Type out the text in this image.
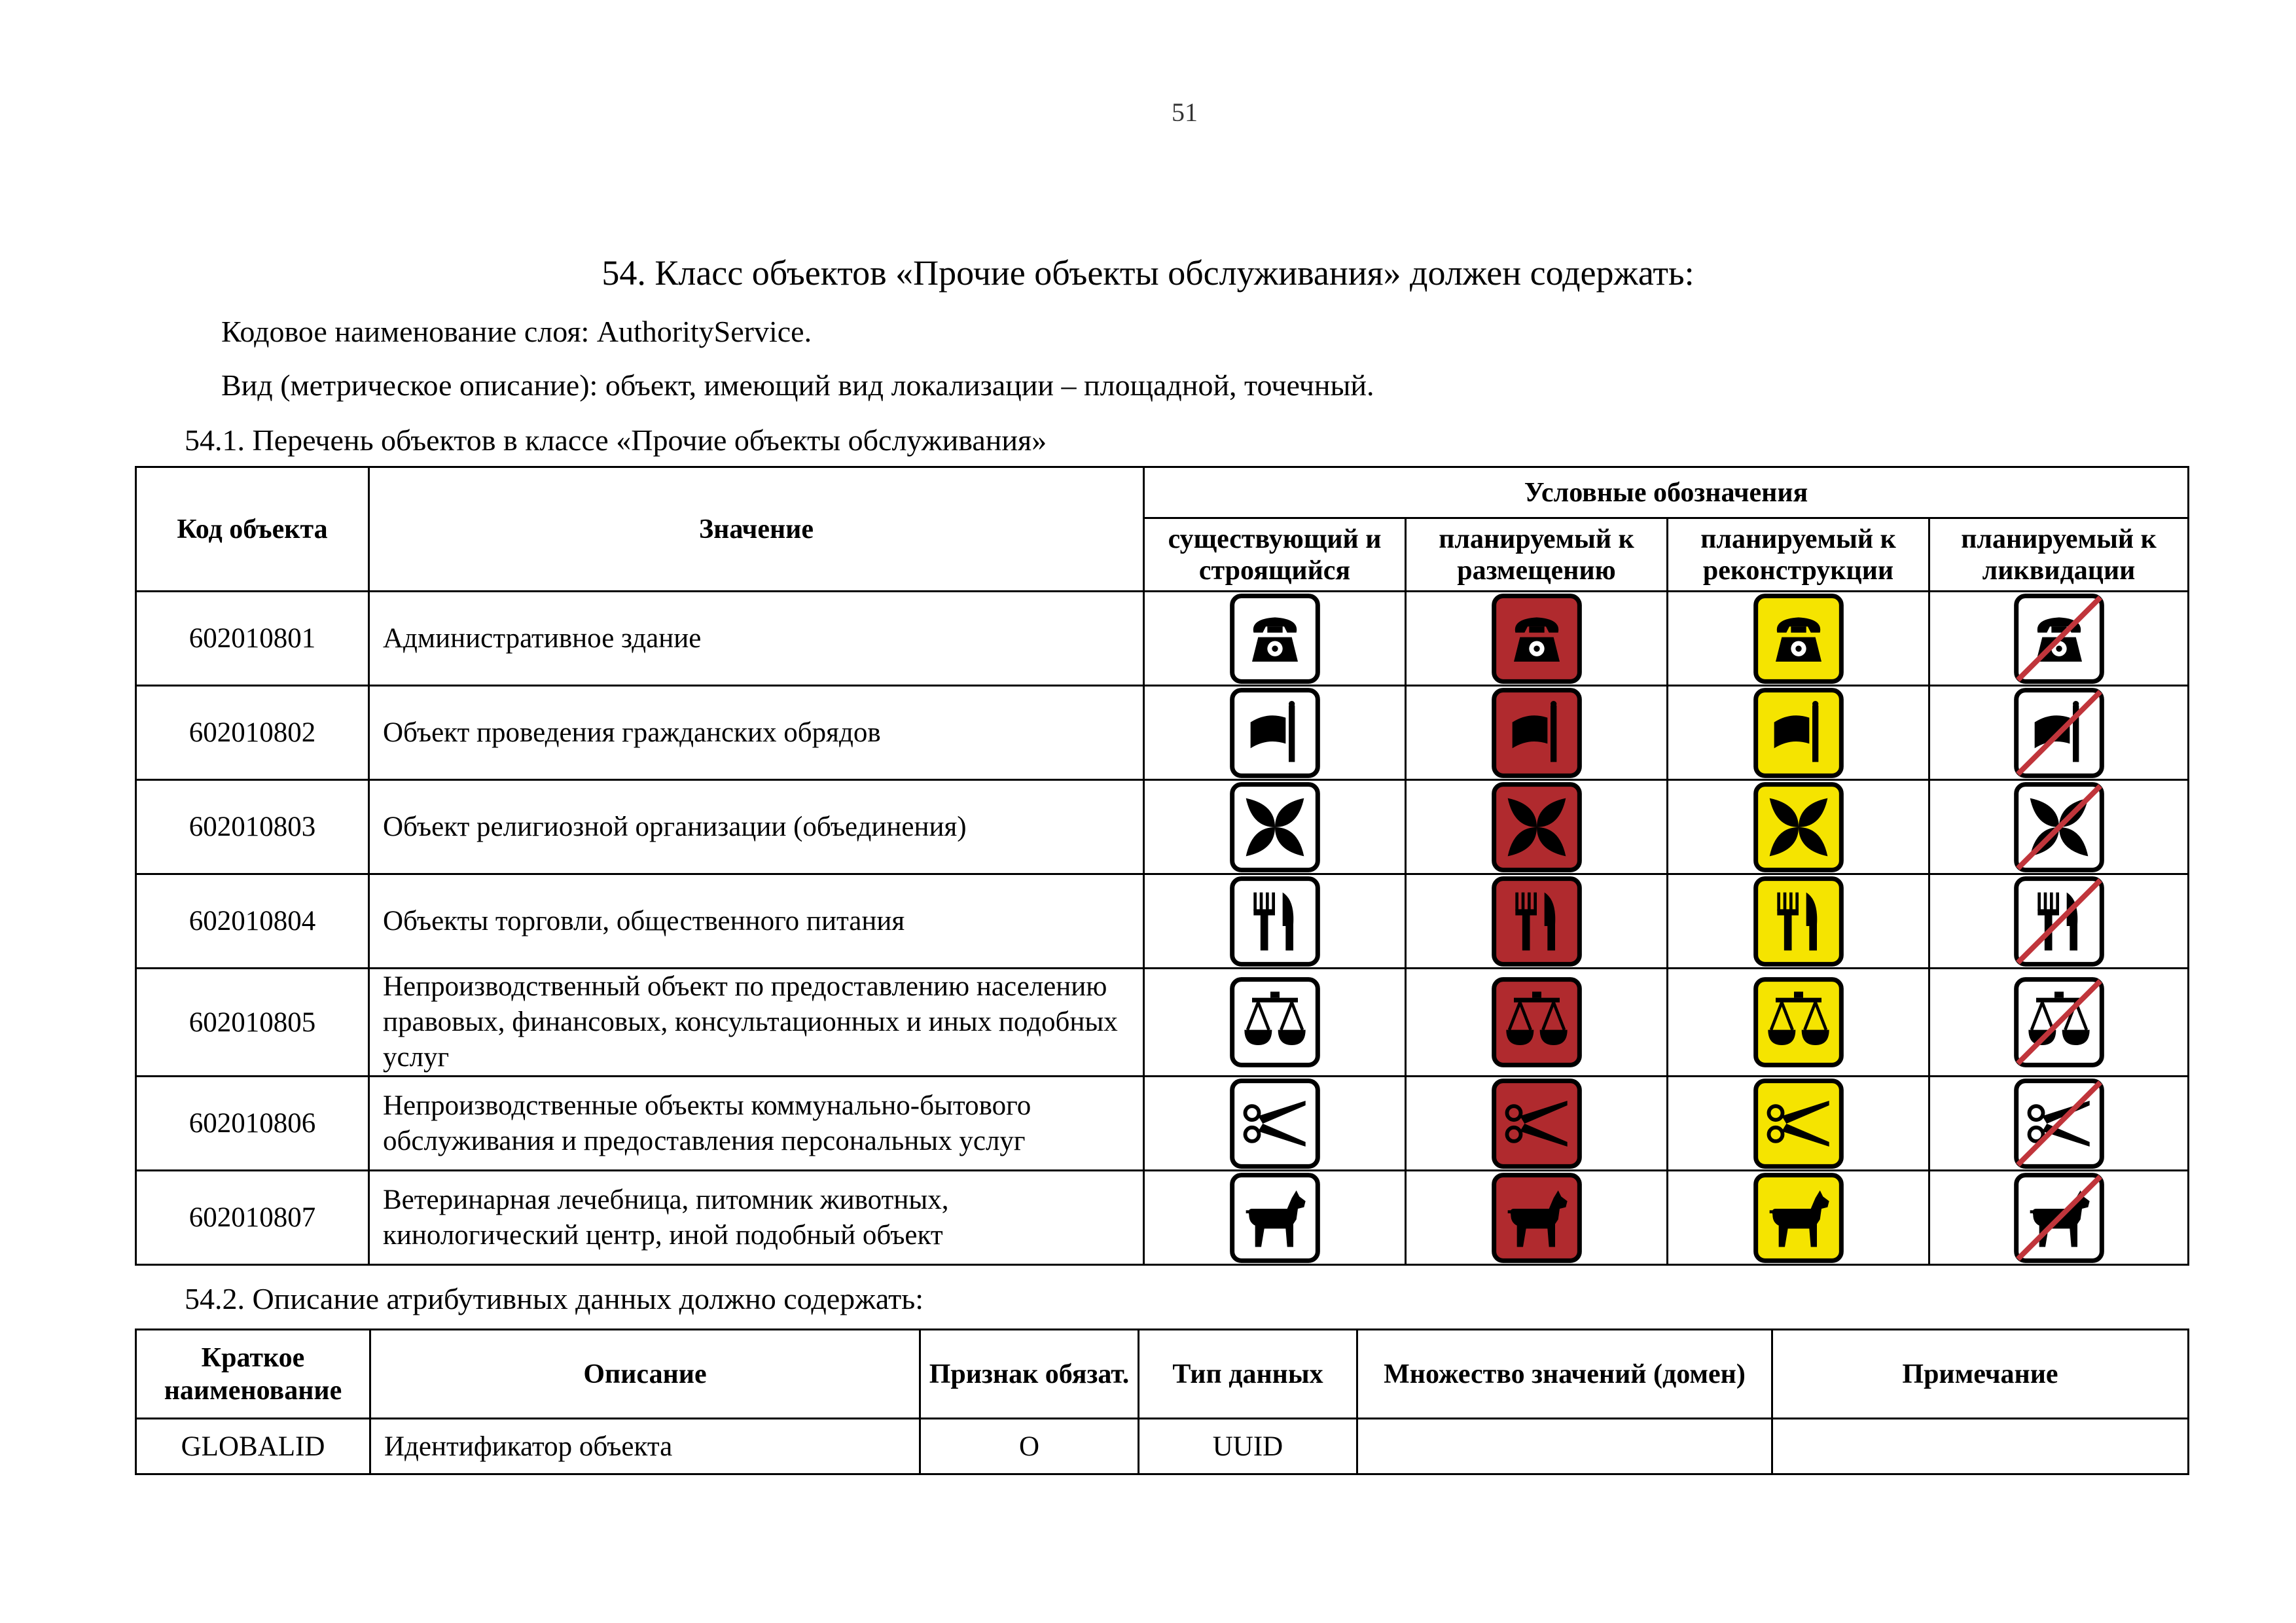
51
54. Класс объектов «Прочие объекты обслуживания» должен содержать:
Кодовое наименование слоя: AuthorityService.
Вид (метрическое описание): объект, имеющий вид локализации – площадной, точечный.
54.1. Перечень объектов в классе «Прочие объекты обслуживания»
Код объекта	Значение	Условные обозначения			
		существующий и строящийся	планируемый к размещению	планируемый к реконструкции	планируемый к ликвидации
602010801	Административное здание	

602010802	Объект проведения гражданских обрядов	

602010803	Объект религиозной организации (объединения)	

602010804	Объекты торговли, общественного питания	

602010805	Непроизводственный объект по предоставлению населению правовых, финансовых, консультационных и иных подобных услуг	

602010806	Непроизводственные объекты коммунально-бытового обслуживания и предоставления персональных услуг	

602010807	Ветеринарная лечебница, питомник животных, кинологический центр, иной подобный объект	

54.2. Описание атрибутивных данных должно содержать:
Краткое наименование	Описание	Признак обязат.	Тип данных	Множество значений (домен)	Примечание
GLOBALID	Идентификатор объекта	O	UUID		
